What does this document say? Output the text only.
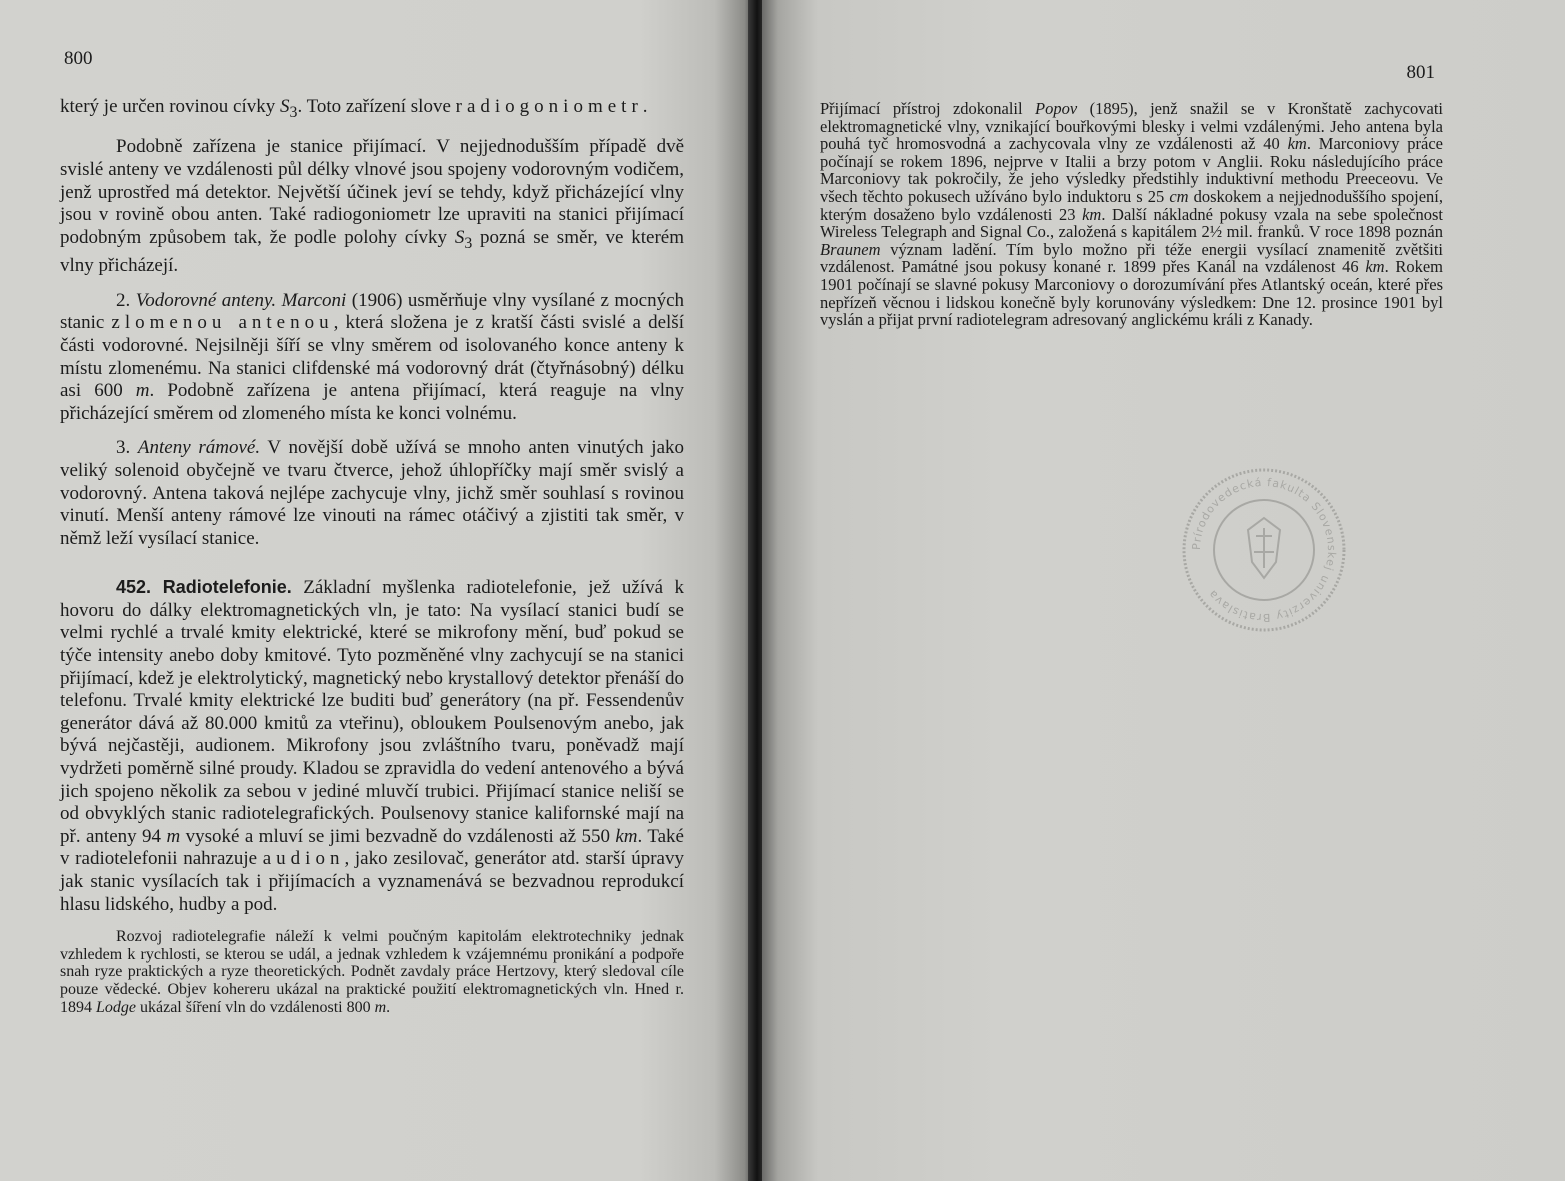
800

který je určen rovinou cívky $S_3$. Toto zařízení slove radiogoniometr.

Podobně zařízena je stanice přijímací. V nejjednodušším případě dvě svislé anteny ve vzdálenosti půl délky vlnové jsou spojeny vodorovným vodičem, jenž uprostřed má detektor. Největší účinek jeví se tehdy, když přicházející vlny jsou v rovině obou anten. Také radiogoniometr lze upraviti na stanici přijímací podobným způsobem tak, že podle polohy cívky $S_3$ pozná se směr, ve kterém vlny přicházejí.

2. Vodorovné anteny. Marconi (1906) usměrňuje vlny vysílané z mocných stanic zlomenou antenou, která složena je z kratší části svislé a delší části vodorovné. Nejsilněji šíří se vlny směrem od isolovaného konce anteny k místu zlomenému. Na stanici clifdenské má vodorovný drát (čtyřnásobný) délku asi 600 m. Podobně zařízena je antena přijímací, která reaguje na vlny přicházející směrem od zlomeného místa ke konci volnému.

3. Anteny rámové. V novější době užívá se mnoho anten vinutých jako veliký solenoid obyčejně ve tvaru čtverce, jehož úhlopříčky mají směr svislý a vodorovný. Antena taková nejlépe zachycuje vlny, jichž směr souhlasí s rovinou vinutí. Menší anteny rámové lze vinouti na rámec otáčivý a zjistiti tak směr, v němž leží vysílací stanice.

452. Radiotelefonie. Základní myšlenka radiotelefonie, jež užívá k hovoru do dálky elektromagnetických vln, je tato: Na vysílací stanici budí se velmi rychlé a trvalé kmity elektrické, které se mikrofony mění, buď pokud se týče intensity anebo doby kmitové. Tyto pozměněné vlny zachycují se na stanici přijímací, kdež je elektrolytický, magnetický nebo krystallový detektor přenáší do telefonu. Trvalé kmity elektrické lze buditi buď generátory (na př. Fessendenův generátor dává až 80.000 kmitů za vteřinu), obloukem Poulsenovým anebo, jak bývá nejčastěji, audionem. Mikrofony jsou zvláštního tvaru, poněvadž mají vydržeti poměrně silné proudy. Kladou se zpravidla do vedení antenového a bývá jich spojeno několik za sebou v jediné mluvčí trubici. Přijímací stanice neliší se od obvyklých stanic radiotelegrafických. Poulsenovy stanice kalifornské mají na př. anteny 94 m vysoké a mluví se jimi bezvadně do vzdálenosti až 550 km. Také v radiotelefonii nahrazuje audion, jako zesilovač, generátor atd. starší úpravy jak stanic vysílacích tak i přijímacích a vyznamenává se bezvadnou reprodukcí hlasu lidského, hudby a pod.

Rozvoj radiotelegrafie náleží k velmi poučným kapitolám elektrotechniky jednak vzhledem k rychlosti, se kterou se udál, a jednak vzhledem k vzájemnému pronikání a podpoře snah ryze praktických a ryze theoretických. Podnět zavdaly práce Hertzovy, který sledoval cíle pouze vědecké. Objev kohereru ukázal na praktické použití elektromagnetických vln. Hned r. 1894 Lodge ukázal šíření vln do vzdálenosti 800 m.

801

Přijímací přístroj zdokonalil Popov (1895), jenž snažil se v Kronštatě zachycovati elektromagnetické vlny, vznikající bouřkovými blesky i velmi vzdálenými. Jeho antena byla pouhá tyč hromosvodná a zachycovala vlny ze vzdálenosti až 40 km. Marconiovy práce počínají se rokem 1896, nejprve v Italii a brzy potom v Anglii. Roku následujícího práce Marconiovy tak pokročily, že jeho výsledky předstihly induktivní methodu Preeceovu. Ve všech těchto pokusech užíváno bylo induktoru s 25 cm doskokem a nejjednoduššího spojení, kterým dosaženo bylo vzdálenosti 23 km. Další nákladné pokusy vzala na sebe společnost Wireless Telegraph and Signal Co., založená s kapitálem 2½ mil. franků. V roce 1898 poznán Braunem význam ladění. Tím bylo možno při téže energii vysílací znamenitě zvětšiti vzdálenost. Památné jsou pokusy konané r. 1899 přes Kanál na vzdálenost 46 km. Rokem 1901 počínají se slavné pokusy Marconiovy o dorozumívání přes Atlantský oceán, které přes nepřízeň věcnou i lidskou konečně byly korunovány výsledkem: Dne 12. prosince 1901 byl vyslán a přijat první radiotelegram adresovaný anglickému králi z Kanady.

Prírodovedecká fakulta Slovenskej univerzity Bratislava
